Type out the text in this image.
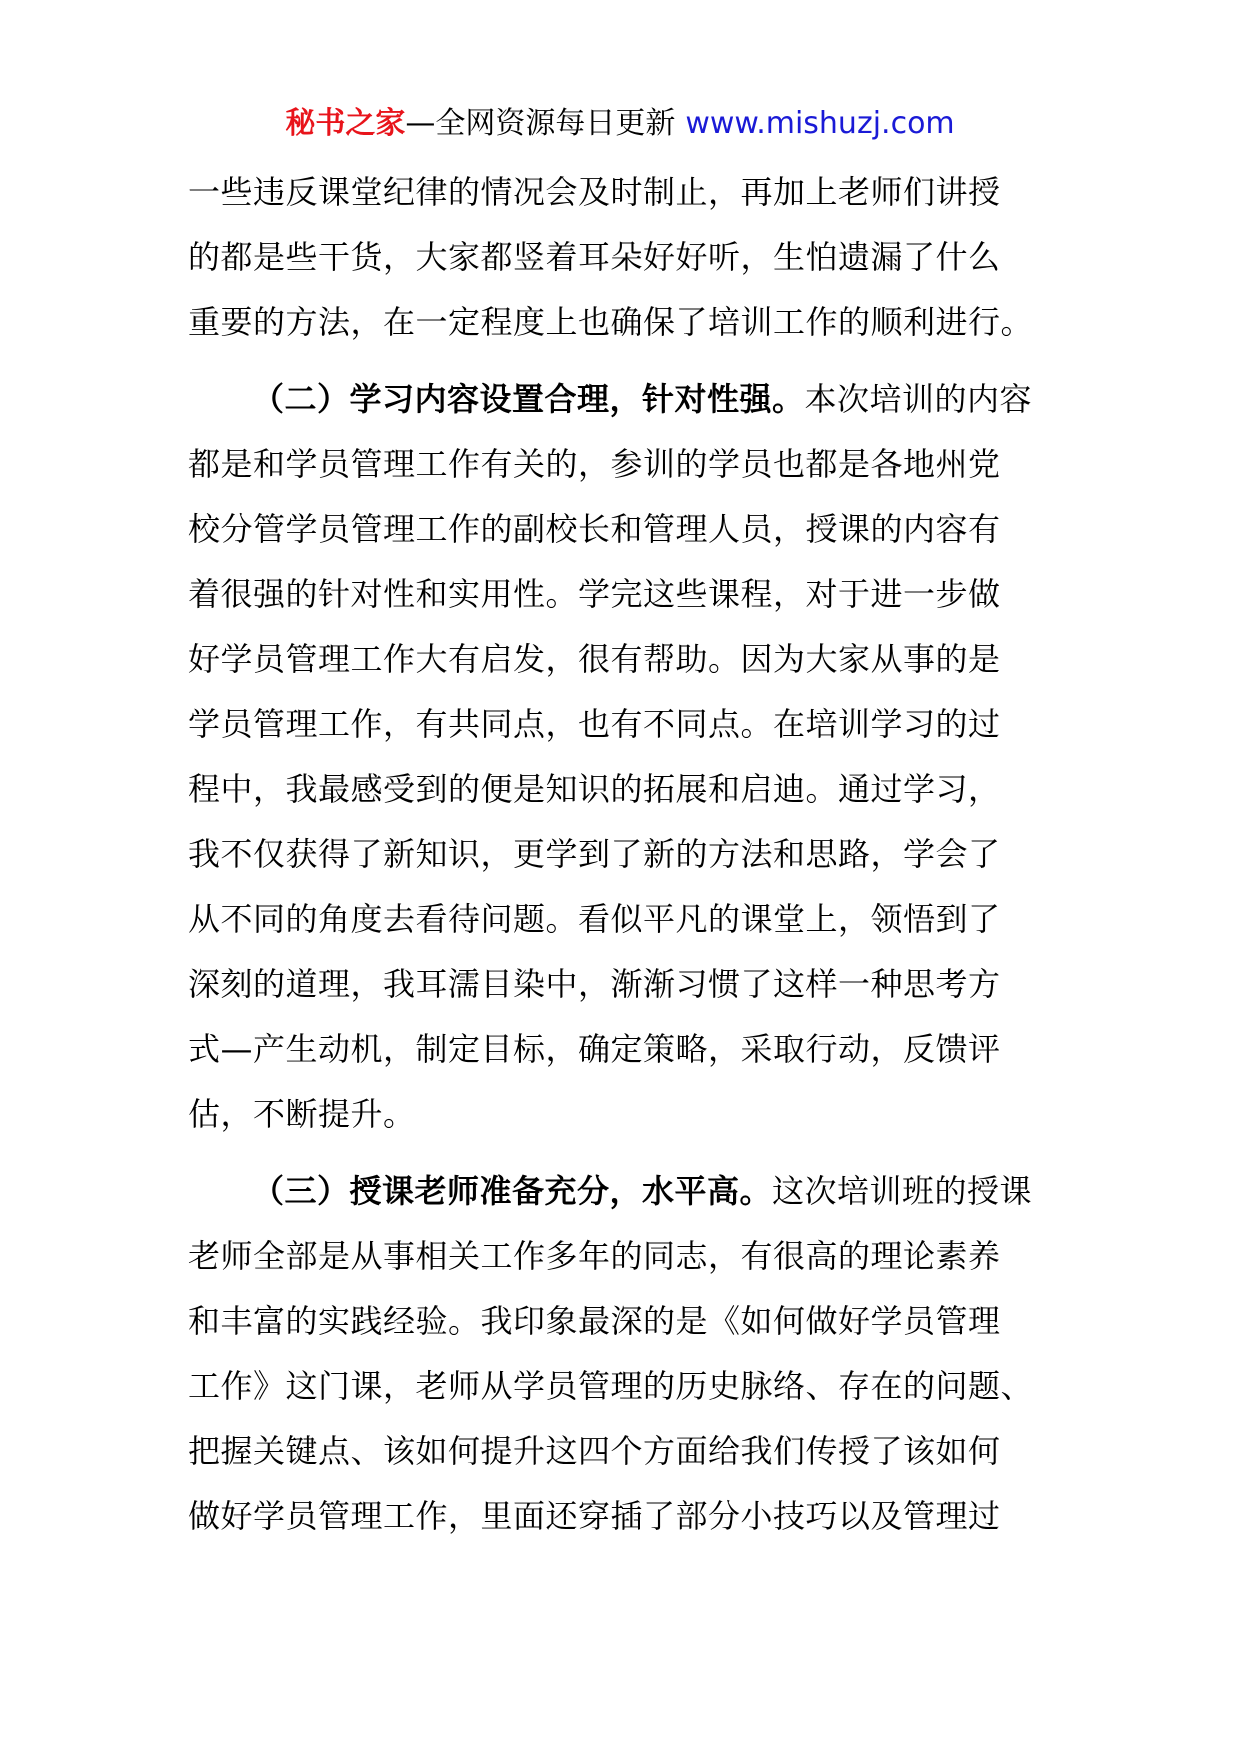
秘书之家—全网资源每日更新 www.mishuzj.com

一些违反课堂纪律的情况会及时制止，再加上老师们讲授
的都是些干货，大家都竖着耳朵好好听，生怕遗漏了什么
重要的方法，在一定程度上也确保了培训工作的顺利进行。

（二）学习内容设置合理，针对性强。本次培训的内容
都是和学员管理工作有关的，参训的学员也都是各地州党
校分管学员管理工作的副校长和管理人员，授课的内容有
着很强的针对性和实用性。学完这些课程，对于进一步做
好学员管理工作大有启发，很有帮助。因为大家从事的是
学员管理工作，有共同点，也有不同点。在培训学习的过
程中，我最感受到的便是知识的拓展和启迪。通过学习，
我不仅获得了新知识，更学到了新的方法和思路，学会了
从不同的角度去看待问题。看似平凡的课堂上，领悟到了
深刻的道理，我耳濡目染中，渐渐习惯了这样一种思考方
式—产生动机，制定目标，确定策略，采取行动，反馈评
估，不断提升。

（三）授课老师准备充分，水平高。这次培训班的授课
老师全部是从事相关工作多年的同志，有很高的理论素养
和丰富的实践经验。我印象最深的是《如何做好学员管理
工作》这门课，老师从学员管理的历史脉络、存在的问题、
把握关键点、该如何提升这四个方面给我们传授了该如何
做好学员管理工作，里面还穿插了部分小技巧以及管理过
